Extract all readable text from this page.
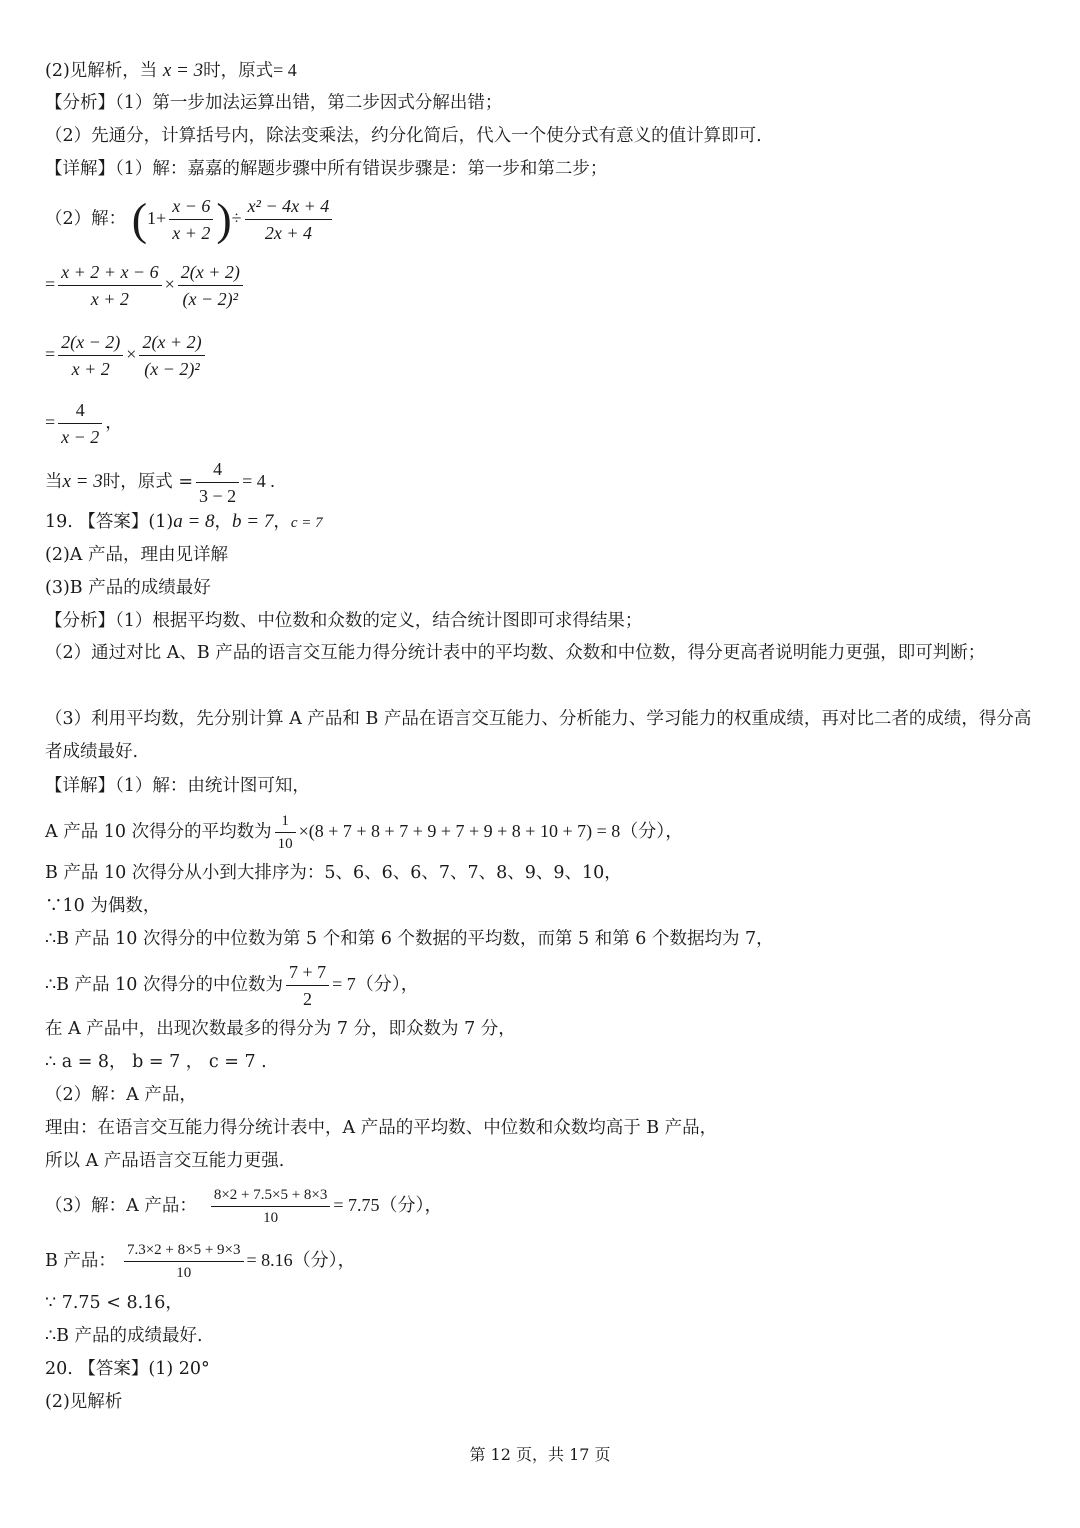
(2)见解析，当 x = 3时，原式= 4
【分析】（1）第一步加法运算出错，第二步因式分解出错；
（2）先通分，计算括号内，除法变乘法，约分化简后，代入一个使分式有意义的值计算即可.
【详解】（1）解：嘉嘉的解题步骤中所有错误步骤是：第一步和第二步；
（2）解： ($1+ \frac{x - 6}{x + 2}$ )÷ $\frac{\text{x² − 4x + 4}}{2x + 4}$
= $\frac{x + 2 + x - 6}{x + 2} \times \frac{2(x + 2)}{\text{(x − 2)²}}$
= $\frac{2(x - 2)}{x + 2} \times \frac{2(x + 2)}{\text{(x − 2)²}}$
= $\frac{4}{x - 2}$ ，
当x = 3时，原式 = $\frac{4}{3 - 2} = 4$ .
19. 【答案】(1)a = 8，b = 7，c = 7
(2)A 产品，理由见详解
(3)B 产品的成绩最好
【分析】（1）根据平均数、中位数和众数的定义，结合统计图即可求得结果；
（2）通过对比 A、B 产品的语言交互能力得分统计表中的平均数、众数和中位数，得分更高者说明能力更强，即可判断；
（3）利用平均数，先分别计算 A 产品和 B 产品在语言交互能力、分析能力、学习能力的权重成绩，再对比二者的成绩，得分高者成绩最好.
【详解】（1）解：由统计图可知，
A 产品 10 次得分的平均数为 $\frac{1}{10} \times(8 + 7 + 8 + 7 + 9 + 7 + 9 + 8 + 10 + 7) = 8$（分），
B 产品 10 次得分从小到大排序为：5、6、6、6、7、7、8、9、9、10，
∵10 为偶数，
∴B 产品 10 次得分的中位数为第 5 个和第 6 个数据的平均数，而第 5 和第 6 个数据均为 7，
∴B 产品 10 次得分的中位数为 $\frac{7 + 7}{2} = 7$（分），
在 A 产品中，出现次数最多的得分为 7 分，即众数为 7 分，
∴ a = 8， b = 7 ， c = 7 .
（2）解：A 产品，
理由：在语言交互能力得分统计表中，A 产品的平均数、中位数和众数均高于 B 产品，
所以 A 产品语言交互能力更强.
（3）解：A 产品： $\frac{8\times 2 + 7.5\times 5 + 8\times 3}{10} = 7.75$（分），
B 产品： $\frac{7.3\times 2 + 8\times 5 + 9\times 3}{10} = 8.16$（分），
∵ 7.75 < 8.16，
∴B 产品的成绩最好.
20. 【答案】(1) 20°
(2)见解析
第 12 页，共 17 页
